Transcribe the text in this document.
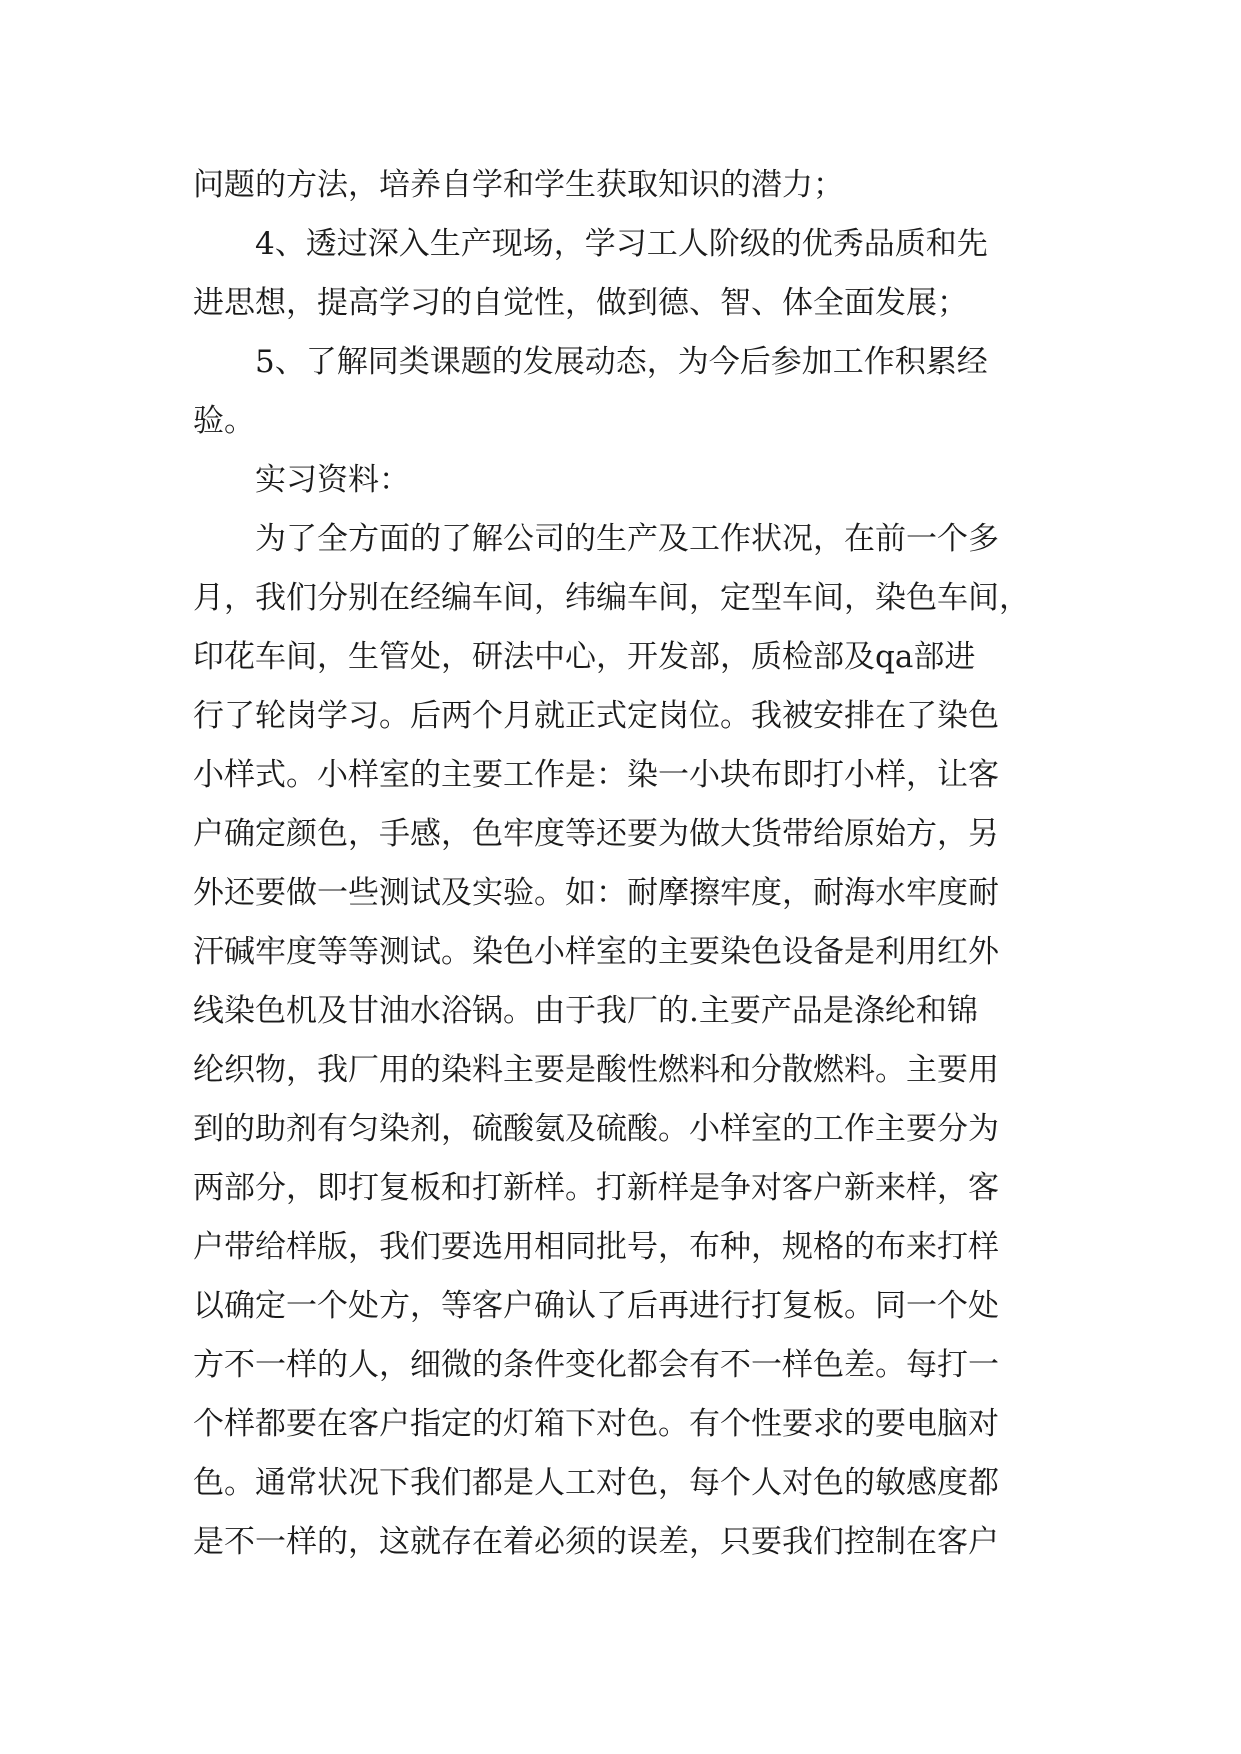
问题的方法，培养自学和学生获取知识的潜力；
　　4、透过深入生产现场，学习工人阶级的优秀品质和先
进思想，提高学习的自觉性，做到德、智、体全面发展；
　　5、了解同类课题的发展动态，为今后参加工作积累经
验。
　　实习资料：
　　为了全方面的了解公司的生产及工作状况，在前一个多
月，我们分别在经编车间，纬编车间，定型车间，染色车间，
印花车间，生管处，研法中心，开发部，质检部及qa部进
行了轮岗学习。后两个月就正式定岗位。我被安排在了染色
小样式。小样室的主要工作是：染一小块布即打小样，让客
户确定颜色，手感，色牢度等还要为做大货带给原始方，另
外还要做一些测试及实验。如：耐摩擦牢度，耐海水牢度耐
汗碱牢度等等测试。染色小样室的主要染色设备是利用红外
线染色机及甘油水浴锅。由于我厂的.主要产品是涤纶和锦
纶织物，我厂用的染料主要是酸性燃料和分散燃料。主要用
到的助剂有匀染剂，硫酸氨及硫酸。小样室的工作主要分为
两部分，即打复板和打新样。打新样是争对客户新来样，客
户带给样版，我们要选用相同批号，布种，规格的布来打样
以确定一个处方，等客户确认了后再进行打复板。同一个处
方不一样的人，细微的条件变化都会有不一样色差。每打一
个样都要在客户指定的灯箱下对色。有个性要求的要电脑对
色。通常状况下我们都是人工对色，每个人对色的敏感度都
是不一样的，这就存在着必须的误差，只要我们控制在客户
